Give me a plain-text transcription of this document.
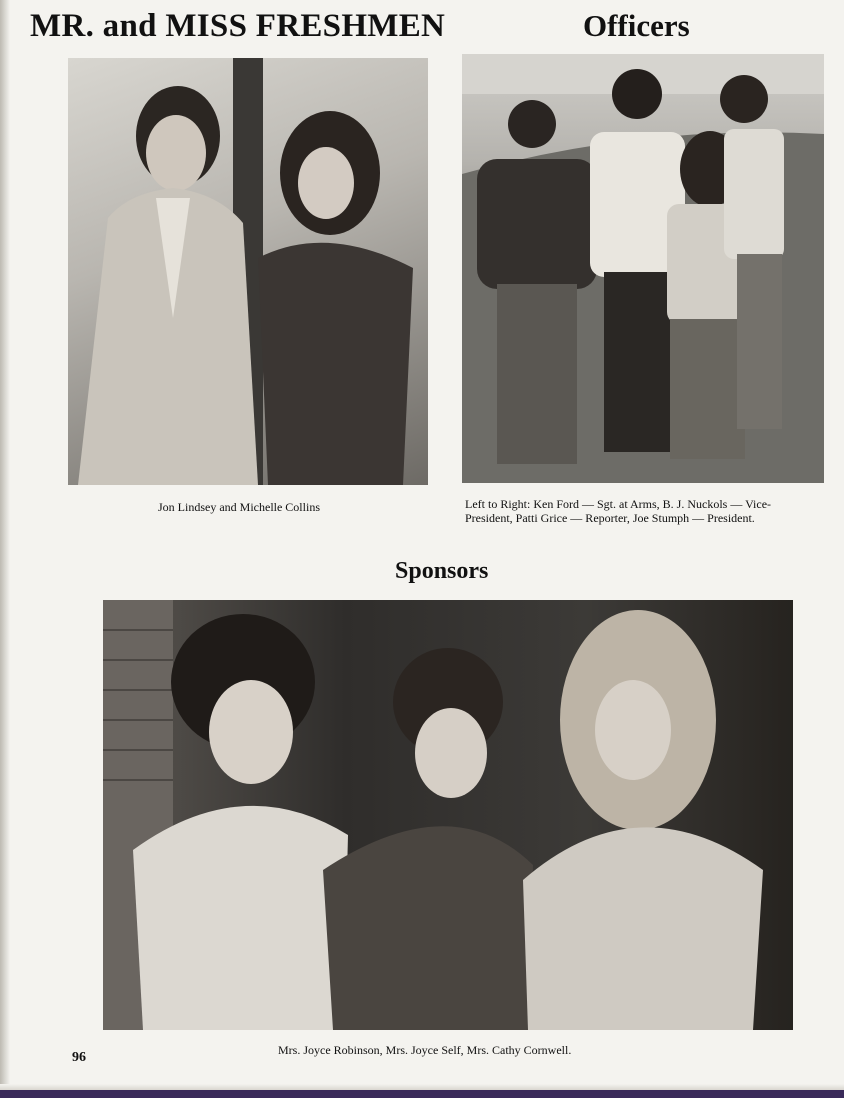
MR. and MISS FRESHMEN	Officers
Jon Lindsey and Michelle Collins	Left to Right: Ken Ford — Sgt. at Arms, B. J. Nuckols — Vice-
President, Patti Grice — Reporter, Joe Stumph — President.
Sponsors
Mrs. Joyce Robinson, Mrs. Joyce Self, Mrs. Cathy Cornwell.
96
